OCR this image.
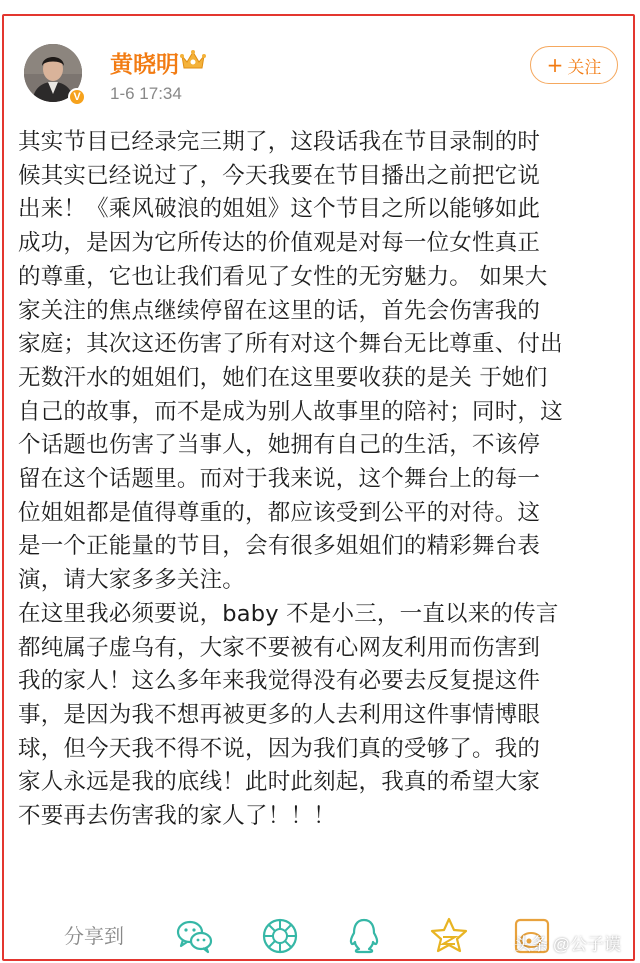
V
黄晓明
1-6 17:34
+ 关注

其实节目已经录完三期了，这段话我在节目录制的时
候其实已经说过了，今天我要在节目播出之前把它说
出来！《乘风破浪的姐姐》这个节目之所以能够如此
成功，是因为它所传达的价值观是对每一位女性真正
的尊重，它也让我们看见了女性的无穷魅力。 如果大
家关注的焦点继续停留在这里的话，首先会伤害我的
家庭；其次这还伤害了所有对这个舞台无比尊重、付出
无数汗水的姐姐们，她们在这里要收获的是关 于她们
自己的故事，而不是成为别人故事里的陪衬；同时，这
个话题也伤害了当事人，她拥有自己的生活，不该停
留在这个话题里。而对于我来说，这个舞台上的每一
位姐姐都是值得尊重的，都应该受到公平的对待。这
是一个正能量的节目，会有很多姐姐们的精彩舞台表
演，请大家多多关注。

在这里我必须要说，baby 不是小三，一直以来的传言
都纯属子虚乌有，大家不要被有心网友利用而伤害到
我的家人！这么多年来我觉得没有必要去反复提这件
事，是因为我不想再被更多的人去利用这件事情博眼
球，但今天我不得不说，因为我们真的受够了。我的
家人永远是我的底线！此时此刻起，我真的希望大家
不要再去伤害我的家人了！！！

分享到	头条 @公子谟
